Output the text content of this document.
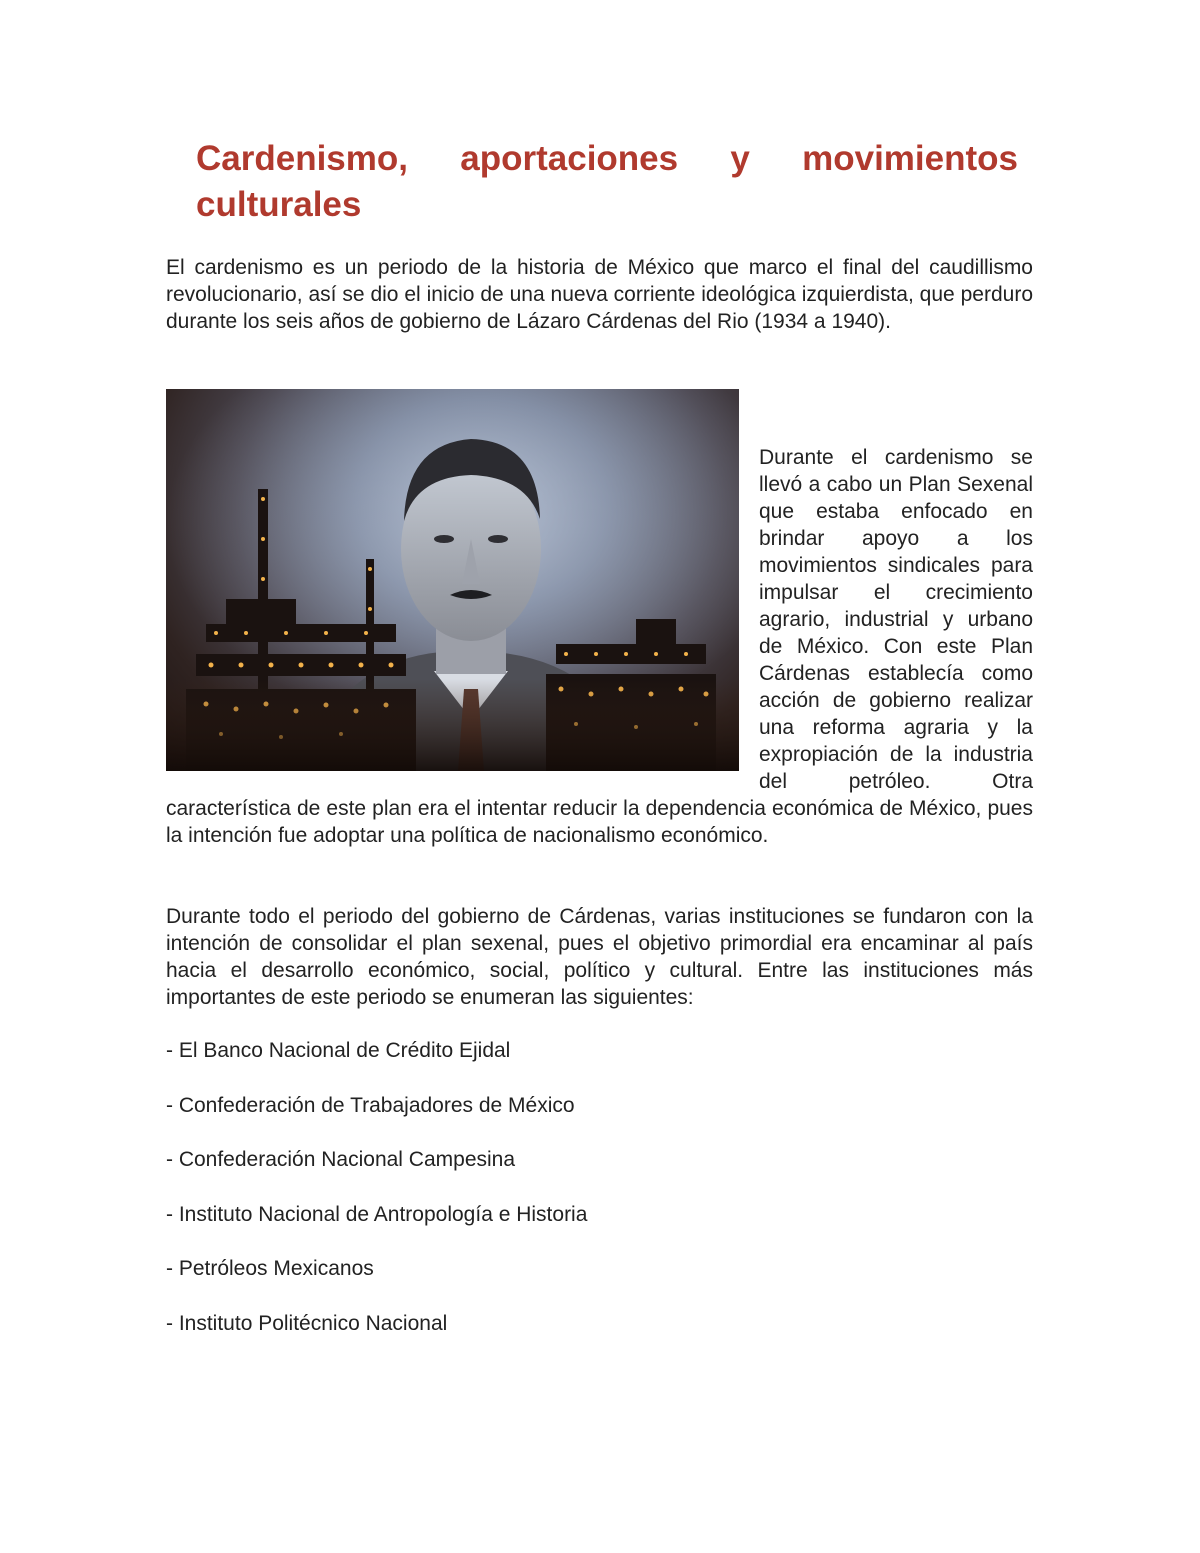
Cardenismo, aportaciones y movimientos
culturales

El cardenismo es un periodo de la historia de México que marco el final del caudillismo revolucionario, así se dio el inicio de una nueva corriente ideológica izquierdista, que perduro durante los seis años de gobierno de Lázaro Cárdenas del Rio (1934 a 1940).

Durante el cardenismo se llevó a cabo un Plan Sexenal que estaba enfocado en brindar apoyo a los movimientos sindicales para impulsar el crecimiento agrario, industrial y urbano de México. Con este Plan Cárdenas establecía como acción de gobierno realizar una reforma agraria y la expropiación de la industria del petróleo. Otra característica de este plan era el intentar reducir la dependencia económica de México, pues la intención fue adoptar una política de nacionalismo económico.

Durante todo el periodo del gobierno de Cárdenas, varias instituciones se fundaron con la intención de consolidar el plan sexenal, pues el objetivo primordial era encaminar al país hacia el desarrollo económico, social, político y cultural. Entre las instituciones más importantes de este periodo se enumeran las siguientes:

- El Banco Nacional de Crédito Ejidal
- Confederación de Trabajadores de México
- Confederación Nacional Campesina
- Instituto Nacional de Antropología e Historia
- Petróleos Mexicanos
- Instituto Politécnico Nacional
